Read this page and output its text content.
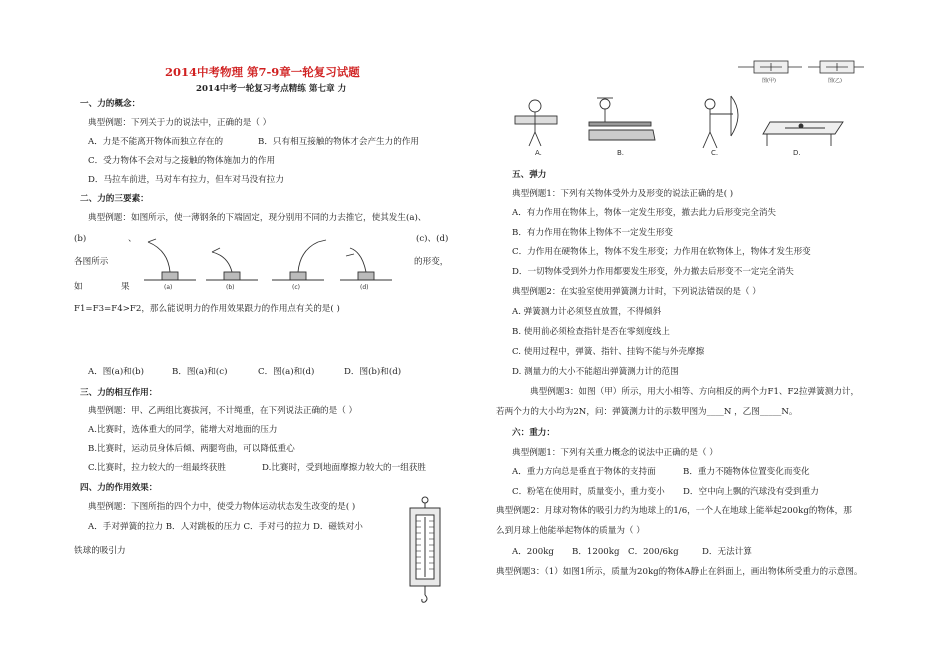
2014中考物理 第7-9章一轮复习试题
2014中考一轮复习考点精练 第七章 力
一、力的概念：
典型例题：下列关于力的说法中，正确的是（ ）
A．力是不能离开物体而独立存在的	B．只有相互接触的物体才会产生力的作用
C．受力物体不会对与之接触的物体施加力的作用
D．马拉车前进，马对车有拉力，但车对马没有拉力
二、力的三要素：
典型例题：如图所示，使一薄钢条的下端固定，现分别用不同的力去推它，使其发生(a)、
(b)	、	(c)、(d)
各图所示	的形变，
如	果
F1=F3=F4>F2，那么能说明力的作用效果跟力的作用点有关的是( )
(a)	(b)	(c)	(d)
A．图(a)和(b)	B．图(a)和(c)	C．图(a)和(d)	D．图(b)和(d)
三、力的相互作用：
典型例题：甲、乙两组比赛拔河，不计绳重，在下列说法正确的是（ ）
A.比赛时，选体重大的同学，能增大对地面的压力
B.比赛时，运动员身体后倾、两腿弯曲，可以降低重心
C.比赛时，拉力较大的一组最终获胜	D.比赛时，受到地面摩擦力较大的一组获胜
四、力的作用效果：
典型例题：下图所指的四个力中，使受力物体运动状态发生改变的是( )
A．手对弹簧的拉力 B．人对跳板的压力 C．手对弓的拉力 D．磁铁对小
铁球的吸引力
图(甲)	图(乙)
A.	B.	C.	D.
五、弹力
典型例题1：下列有关物体受外力及形变的说法正确的是( )
A．有力作用在物体上，物体一定发生形变，撤去此力后形变完全消失
B．有力作用在物体上物体不一定发生形变
C．力作用在硬物体上，物体不发生形变；力作用在软物体上，物体才发生形变
D．一切物体受到外力作用都要发生形变，外力撤去后形变不一定完全消失
典型例题2：在实验室使用弹簧测力计时，下列说法错误的是（ ）
A. 弹簧测力计必须竖直放置，不得倾斜
B. 使用前必须检查指针是否在零刻度线上
C. 使用过程中，弹簧、指针、挂钩不能与外壳摩擦
D. 测量力的大小不能超出弹簧测力计的范围
典型例题3：如图（甲）所示，用大小相等、方向相反的两个力F1、F2拉弹簧测力计，
若两个力的大小均为2N，问：弹簧测力计的示数甲图为____N ，乙图_____N。
六：重力：
典型例题1：下列有关重力概念的说法中正确的是（ ）
A．重力方向总是垂直于物体的支持面	B．重力不随物体位置变化而变化
C．粉笔在使用时，质量变小，重力变小 D．空中向上飘的汽球没有受到重力
典型例题2：月球对物体的吸引力约为地球上的1/6，一个人在地球上能举起200kg的物体，那
么到月球上他能举起物体的质量为（ ）
A．200kg B．1200kg C．200/6kg	D．无法计算
典型例题3：（1）如图1所示，质量为20kg的物体A静止在斜面上，画出物体所受重力的示意图。
